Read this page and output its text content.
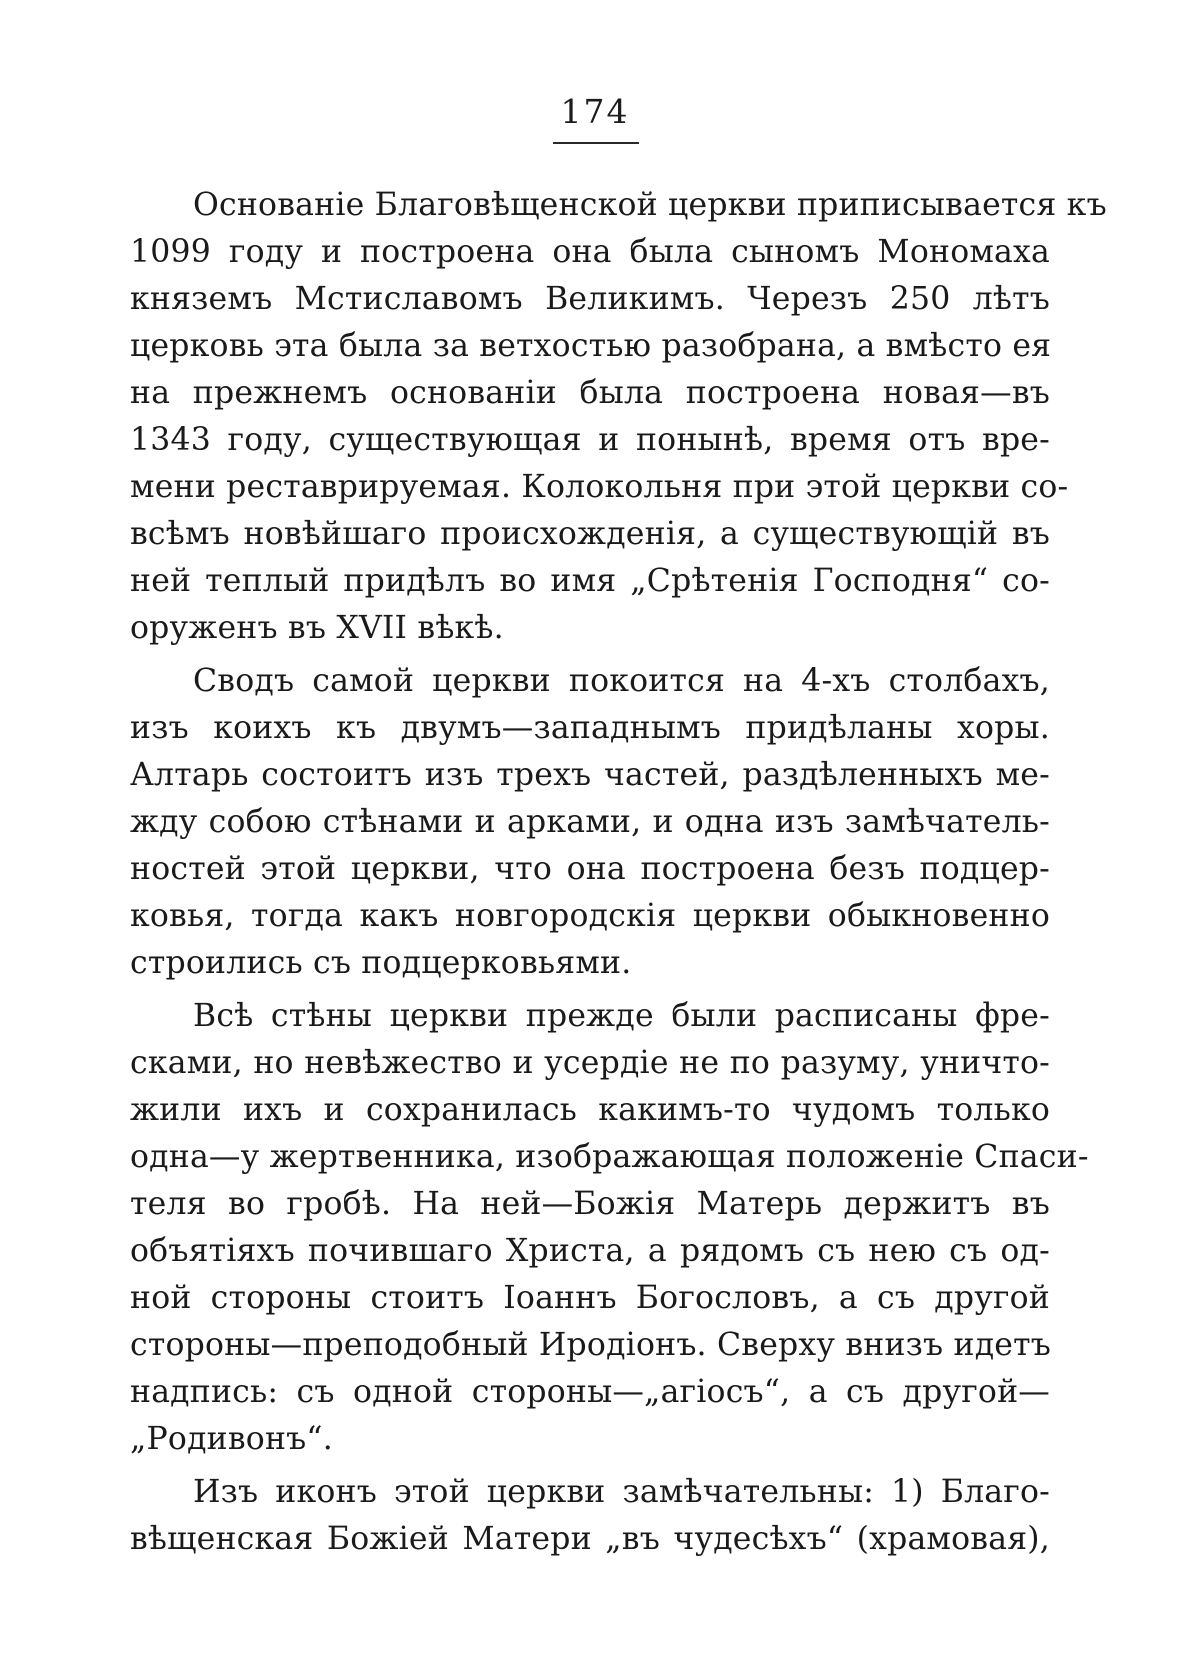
174
Основаніе Благовѣщенской церкви приписывается къ
1099 году и построена она была сыномъ Мономаха
княземъ Мстиславомъ Великимъ. Черезъ 250 лѣтъ
церковь эта была за ветхостью разобрана, а вмѣсто ея
на прежнемъ основаніи была построена новая—въ
1343 году, существующая и понынѣ, время отъ вре-
мени реставрируемая. Колокольня при этой церкви со-
всѣмъ новѣйшаго происхожденія, а существующій въ
ней теплый придѣлъ во имя „Срѣтенія Господня“ со-
оруженъ въ XVII вѣкѣ.
Сводъ самой церкви покоится на 4-хъ столбахъ,
изъ коихъ къ двумъ—западнымъ придѣланы хоры.
Алтарь состоитъ изъ трехъ частей, раздѣленныхъ ме-
жду собою стѣнами и арками, и одна изъ замѣчатель-
ностей этой церкви, что она построена безъ подцер-
ковья, тогда какъ новгородскія церкви обыкновенно
строились съ подцерковьями.
Всѣ стѣны церкви прежде были расписаны фре-
сками, но невѣжество и усердіе не по разуму, уничто-
жили ихъ и сохранилась какимъ-то чудомъ только
одна—у жертвенника, изображающая положеніе Спаси-
теля во гробѣ. На ней—Божія Матерь держитъ въ
объятіяхъ почившаго Христа, а рядомъ съ нею съ од-
ной стороны стоитъ Іоаннъ Богословъ, а съ другой
стороны—преподобный Иродіонъ. Сверху внизъ идетъ
надпись: съ одной стороны—„агіосъ“, а съ другой—
„Родивонъ“.
Изъ иконъ этой церкви замѣчательны: 1) Благо-
вѣщенская Божіей Матери „въ чудесѣхъ“ (храмовая),
